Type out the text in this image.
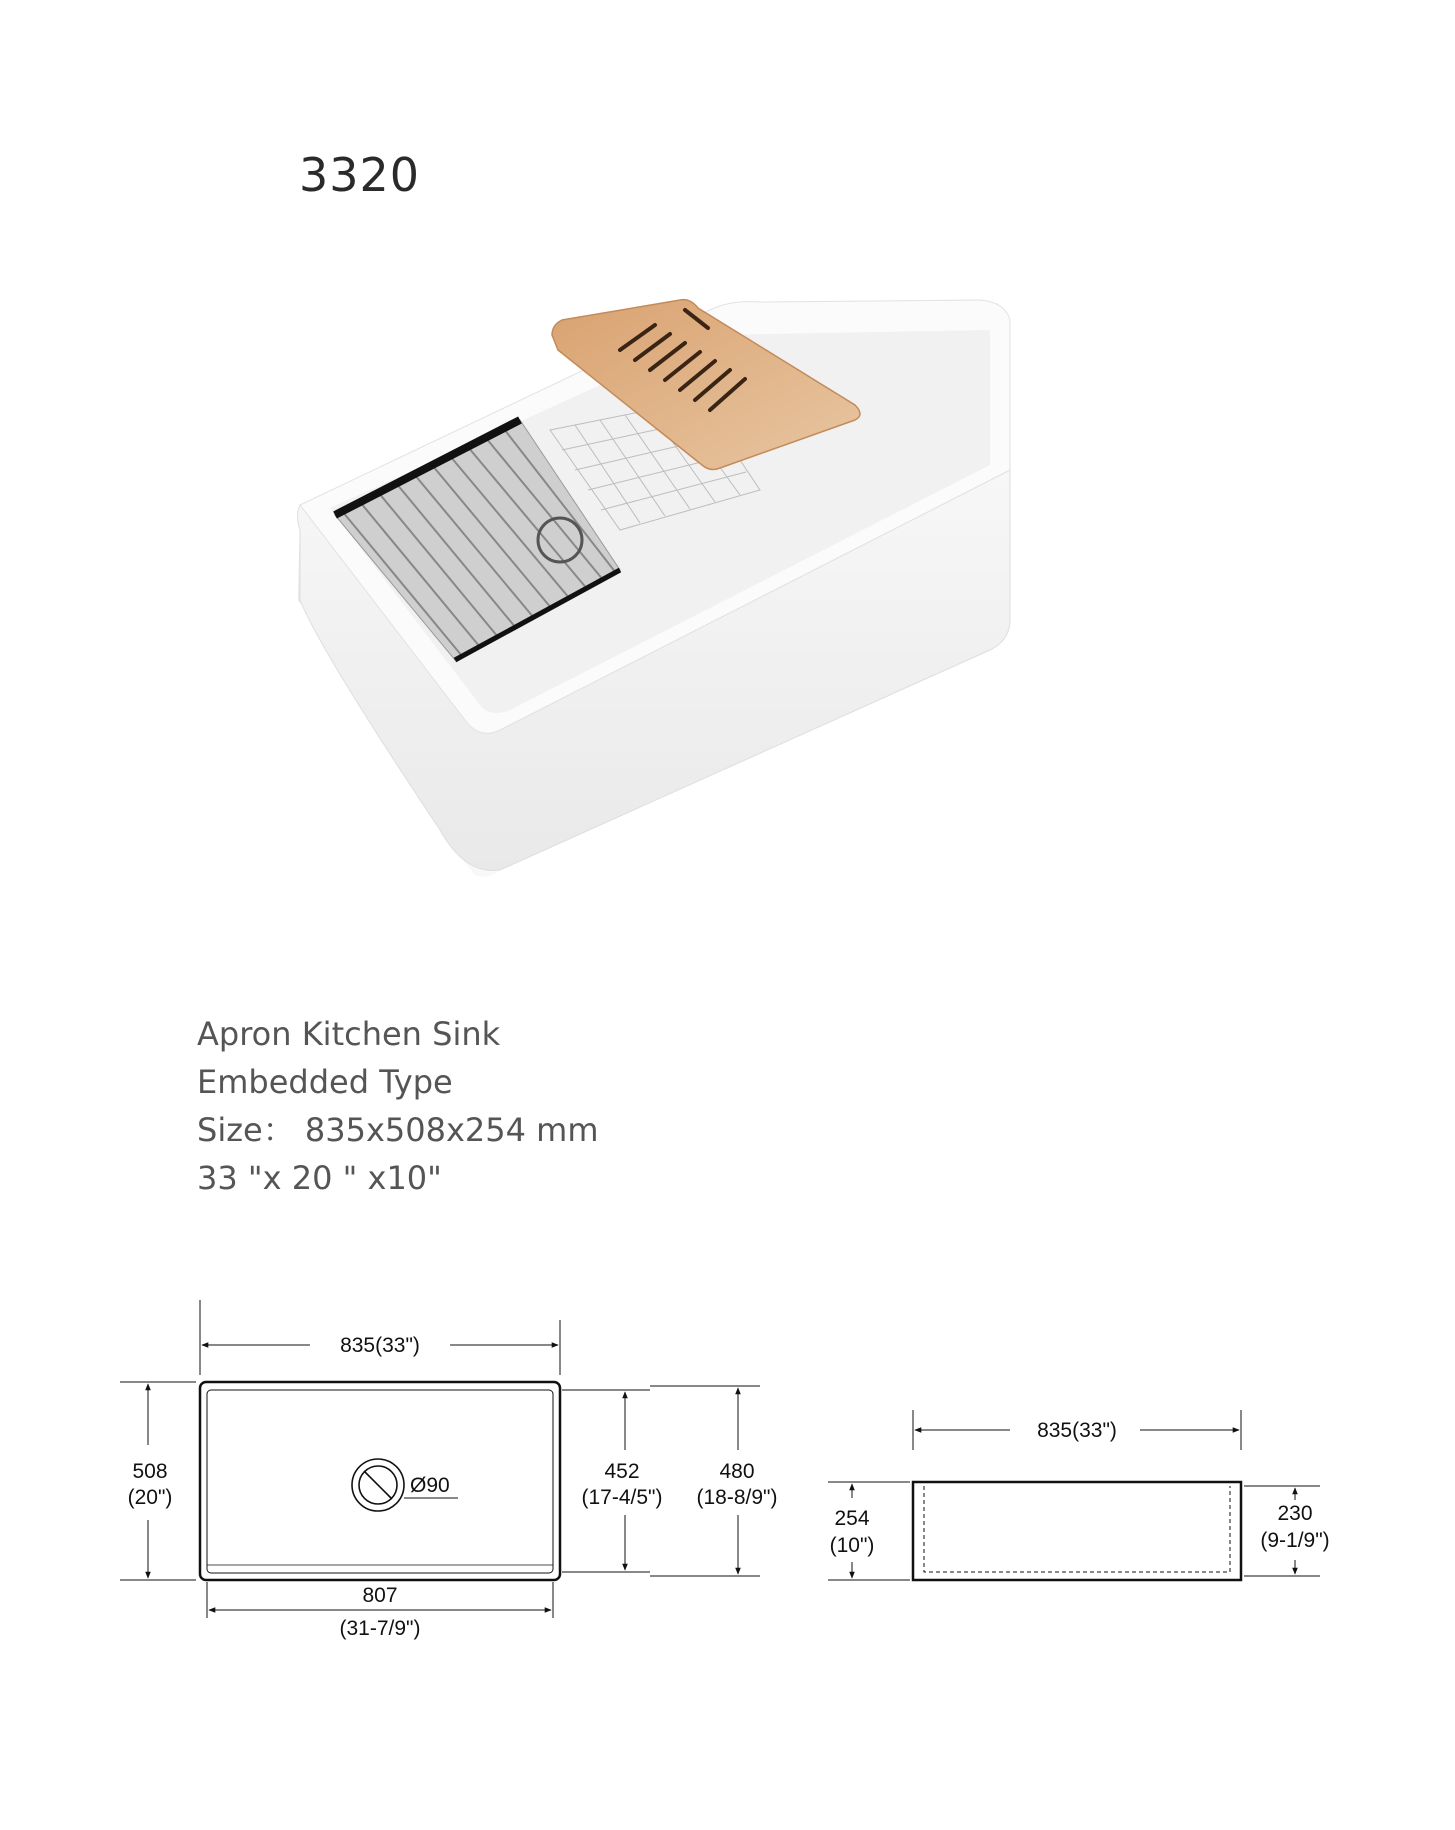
3320
Apron Kitchen Sink
Embedded Type
Size： 835x508x254 mm
33 "x 20 " x10"
835(33")
508
(20")
452
(17-4/5")
480
(18-8/9")
Ø90
807
(31-7/9")
835(33")
254
(10")
230
(9-1/9")
